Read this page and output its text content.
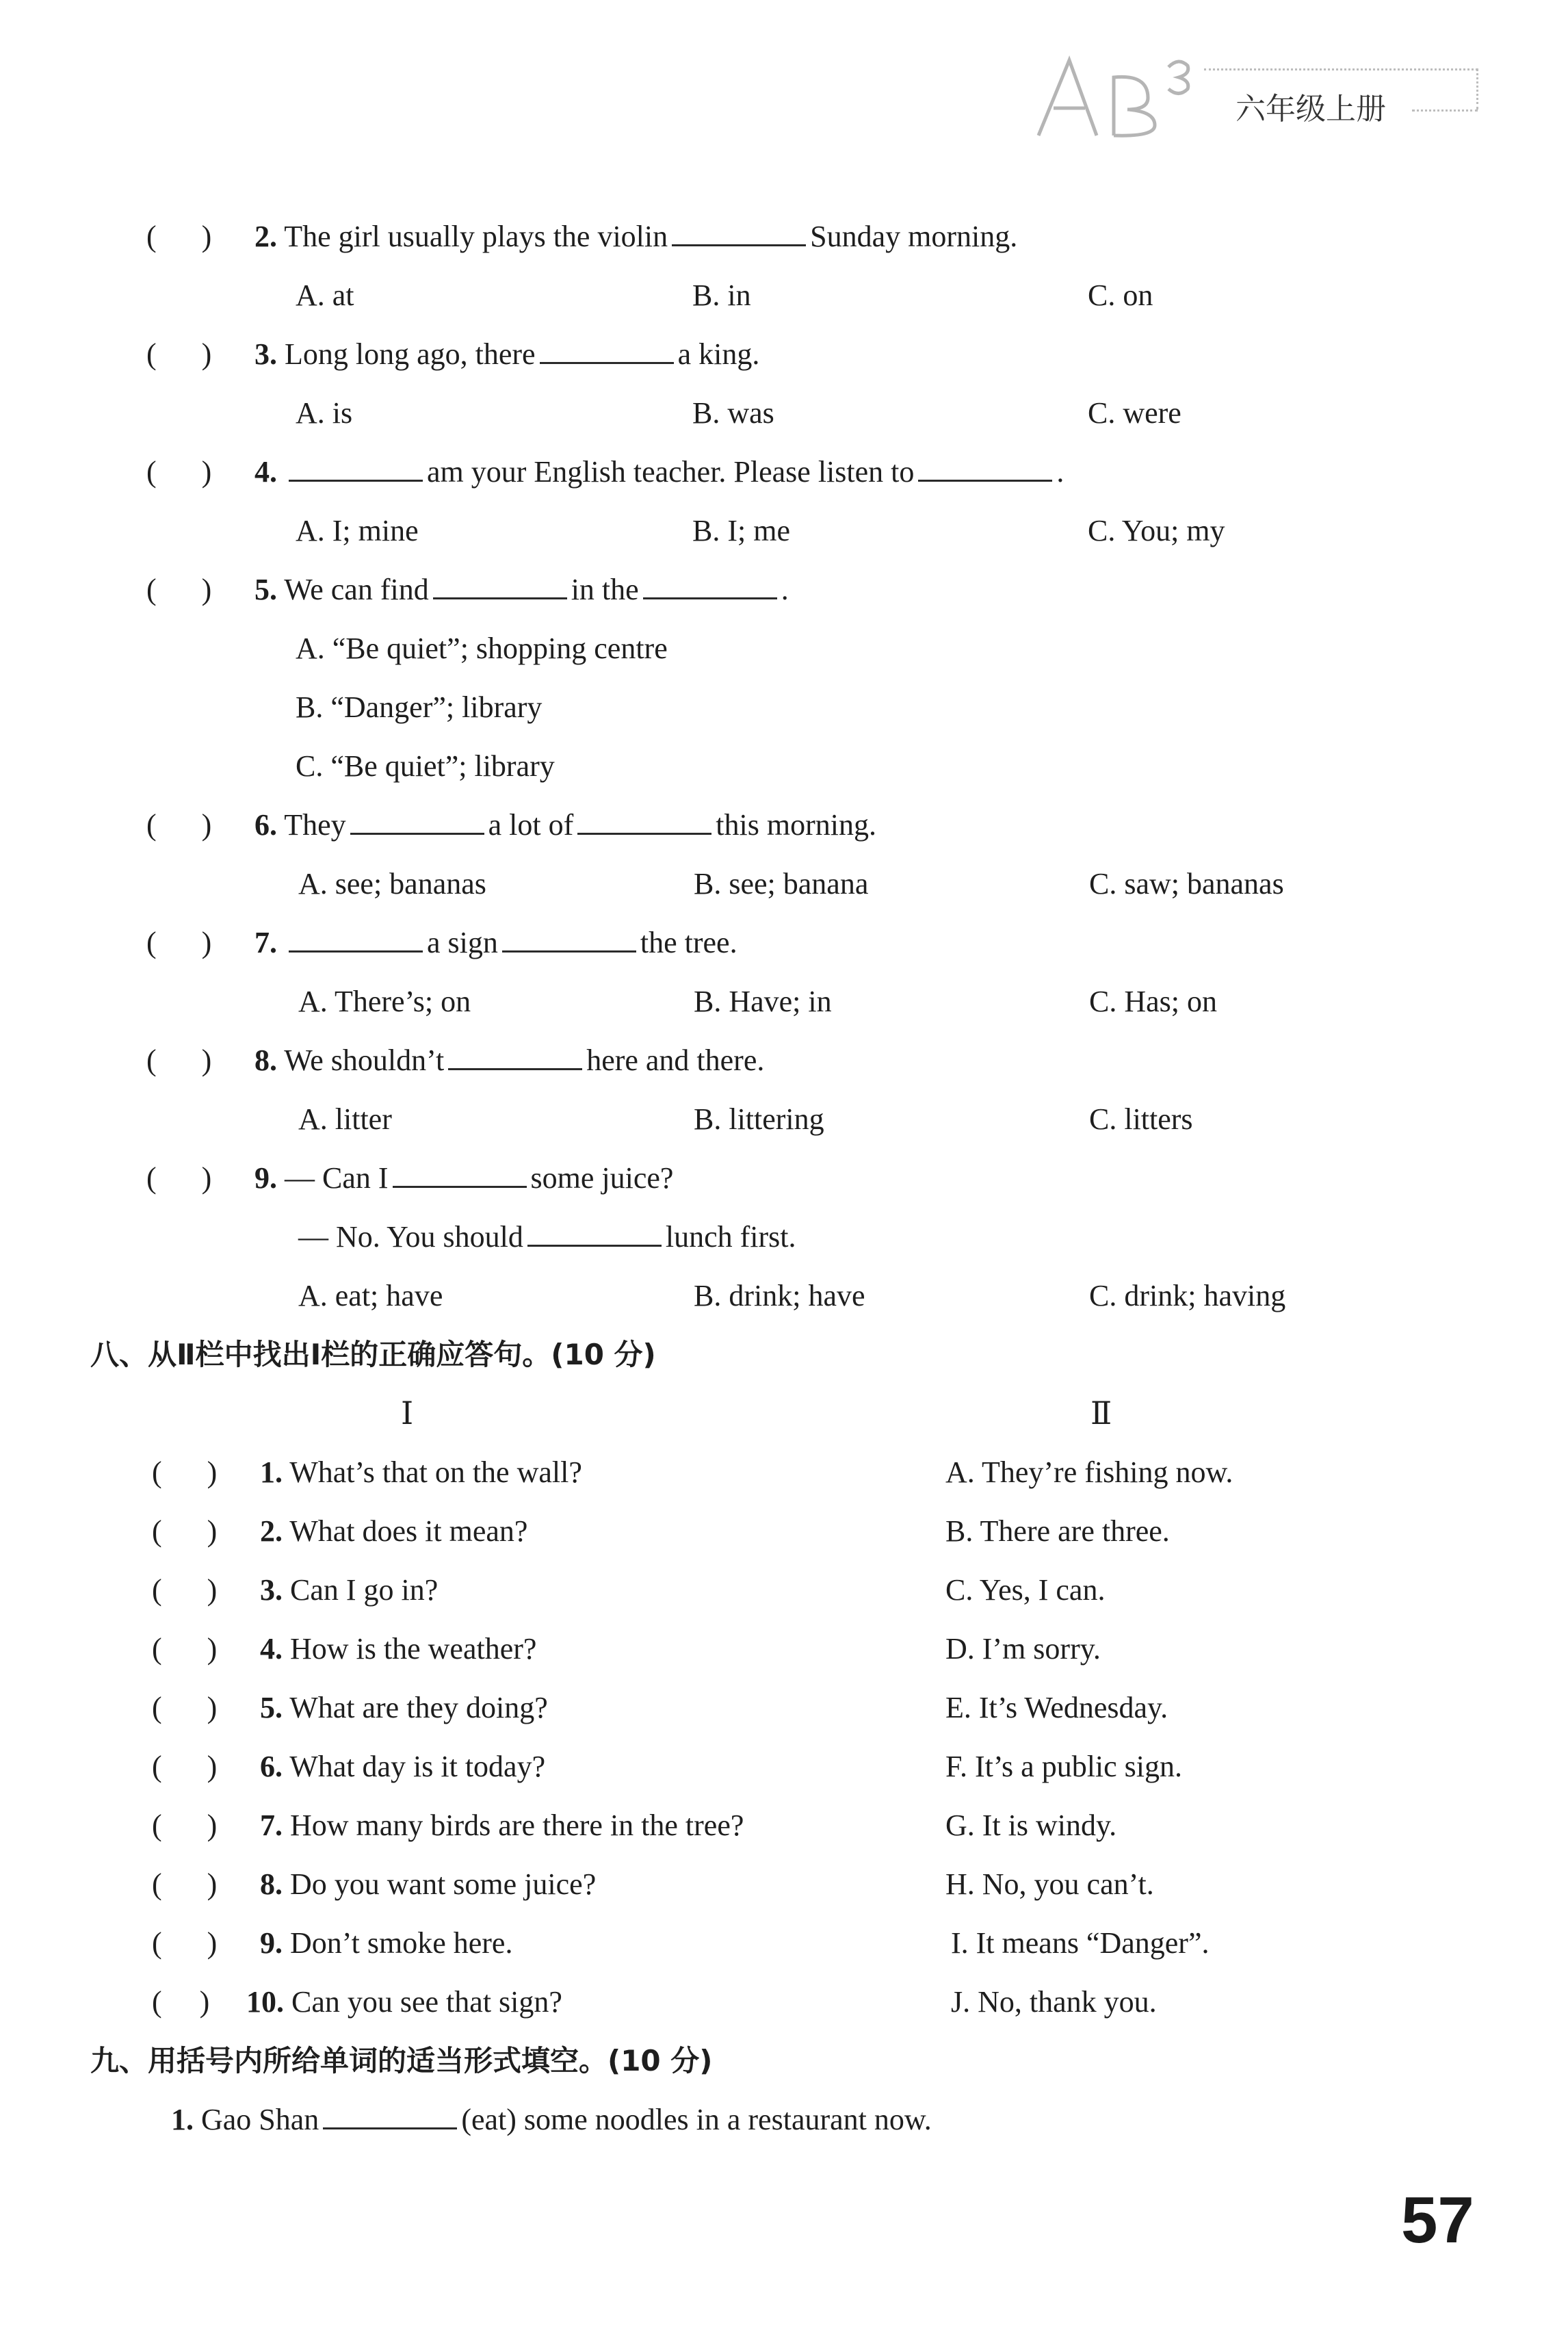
六年级上册
(      ) 2. The girl usually plays the violin	Sunday morning.
A. at	B. in	C. on
(      ) 3. Long long ago, there	a king.
A. is	B. was	C. were
(      ) 4.	am your English teacher. Please listen to	.
A. I; mine	B. I; me	C. You; my
(      ) 5. We can find	in the	.
A. “Be quiet”; shopping centre
B. “Danger”; library
C. “Be quiet”; library
(      ) 6. They	a lot of	this morning.
A. see; bananas	B. see; banana	C. saw; bananas
(      ) 7.	a sign	the tree.
A. There’s; on	B. Have; in	C. Has; on
(      ) 8. We shouldn’t	here and there.
A. litter	B. littering	C. litters
(      ) 9. — Can I	some juice?
— No. You should	lunch first.
A. eat; have	B. drink; have	C. drink; having
八、从Ⅱ栏中找出Ⅰ栏的正确应答句。(10 分)
Ⅰ	Ⅱ
(      ) 1. What’s that on the wall?	A. They’re fishing now.
(      ) 2. What does it mean?	B. There are three.
(      ) 3. Can I go in?	C. Yes, I can.
(      ) 4. How is the weather?	D. I’m sorry.
(      ) 5. What are they doing?	E. It’s Wednesday.
(      ) 6. What day is it today?	F. It’s a public sign.
(      ) 7. How many birds are there in the tree?	G. It is windy.
(      ) 8. Do you want some juice?	H. No, you can’t.
(      ) 9. Don’t smoke here.	I. It means “Danger”.
(     ) 10. Can you see that sign?	J. No, thank you.
九、用括号内所给单词的适当形式填空。(10 分)
1. Gao Shan	(eat) some noodles in a restaurant now.
57
